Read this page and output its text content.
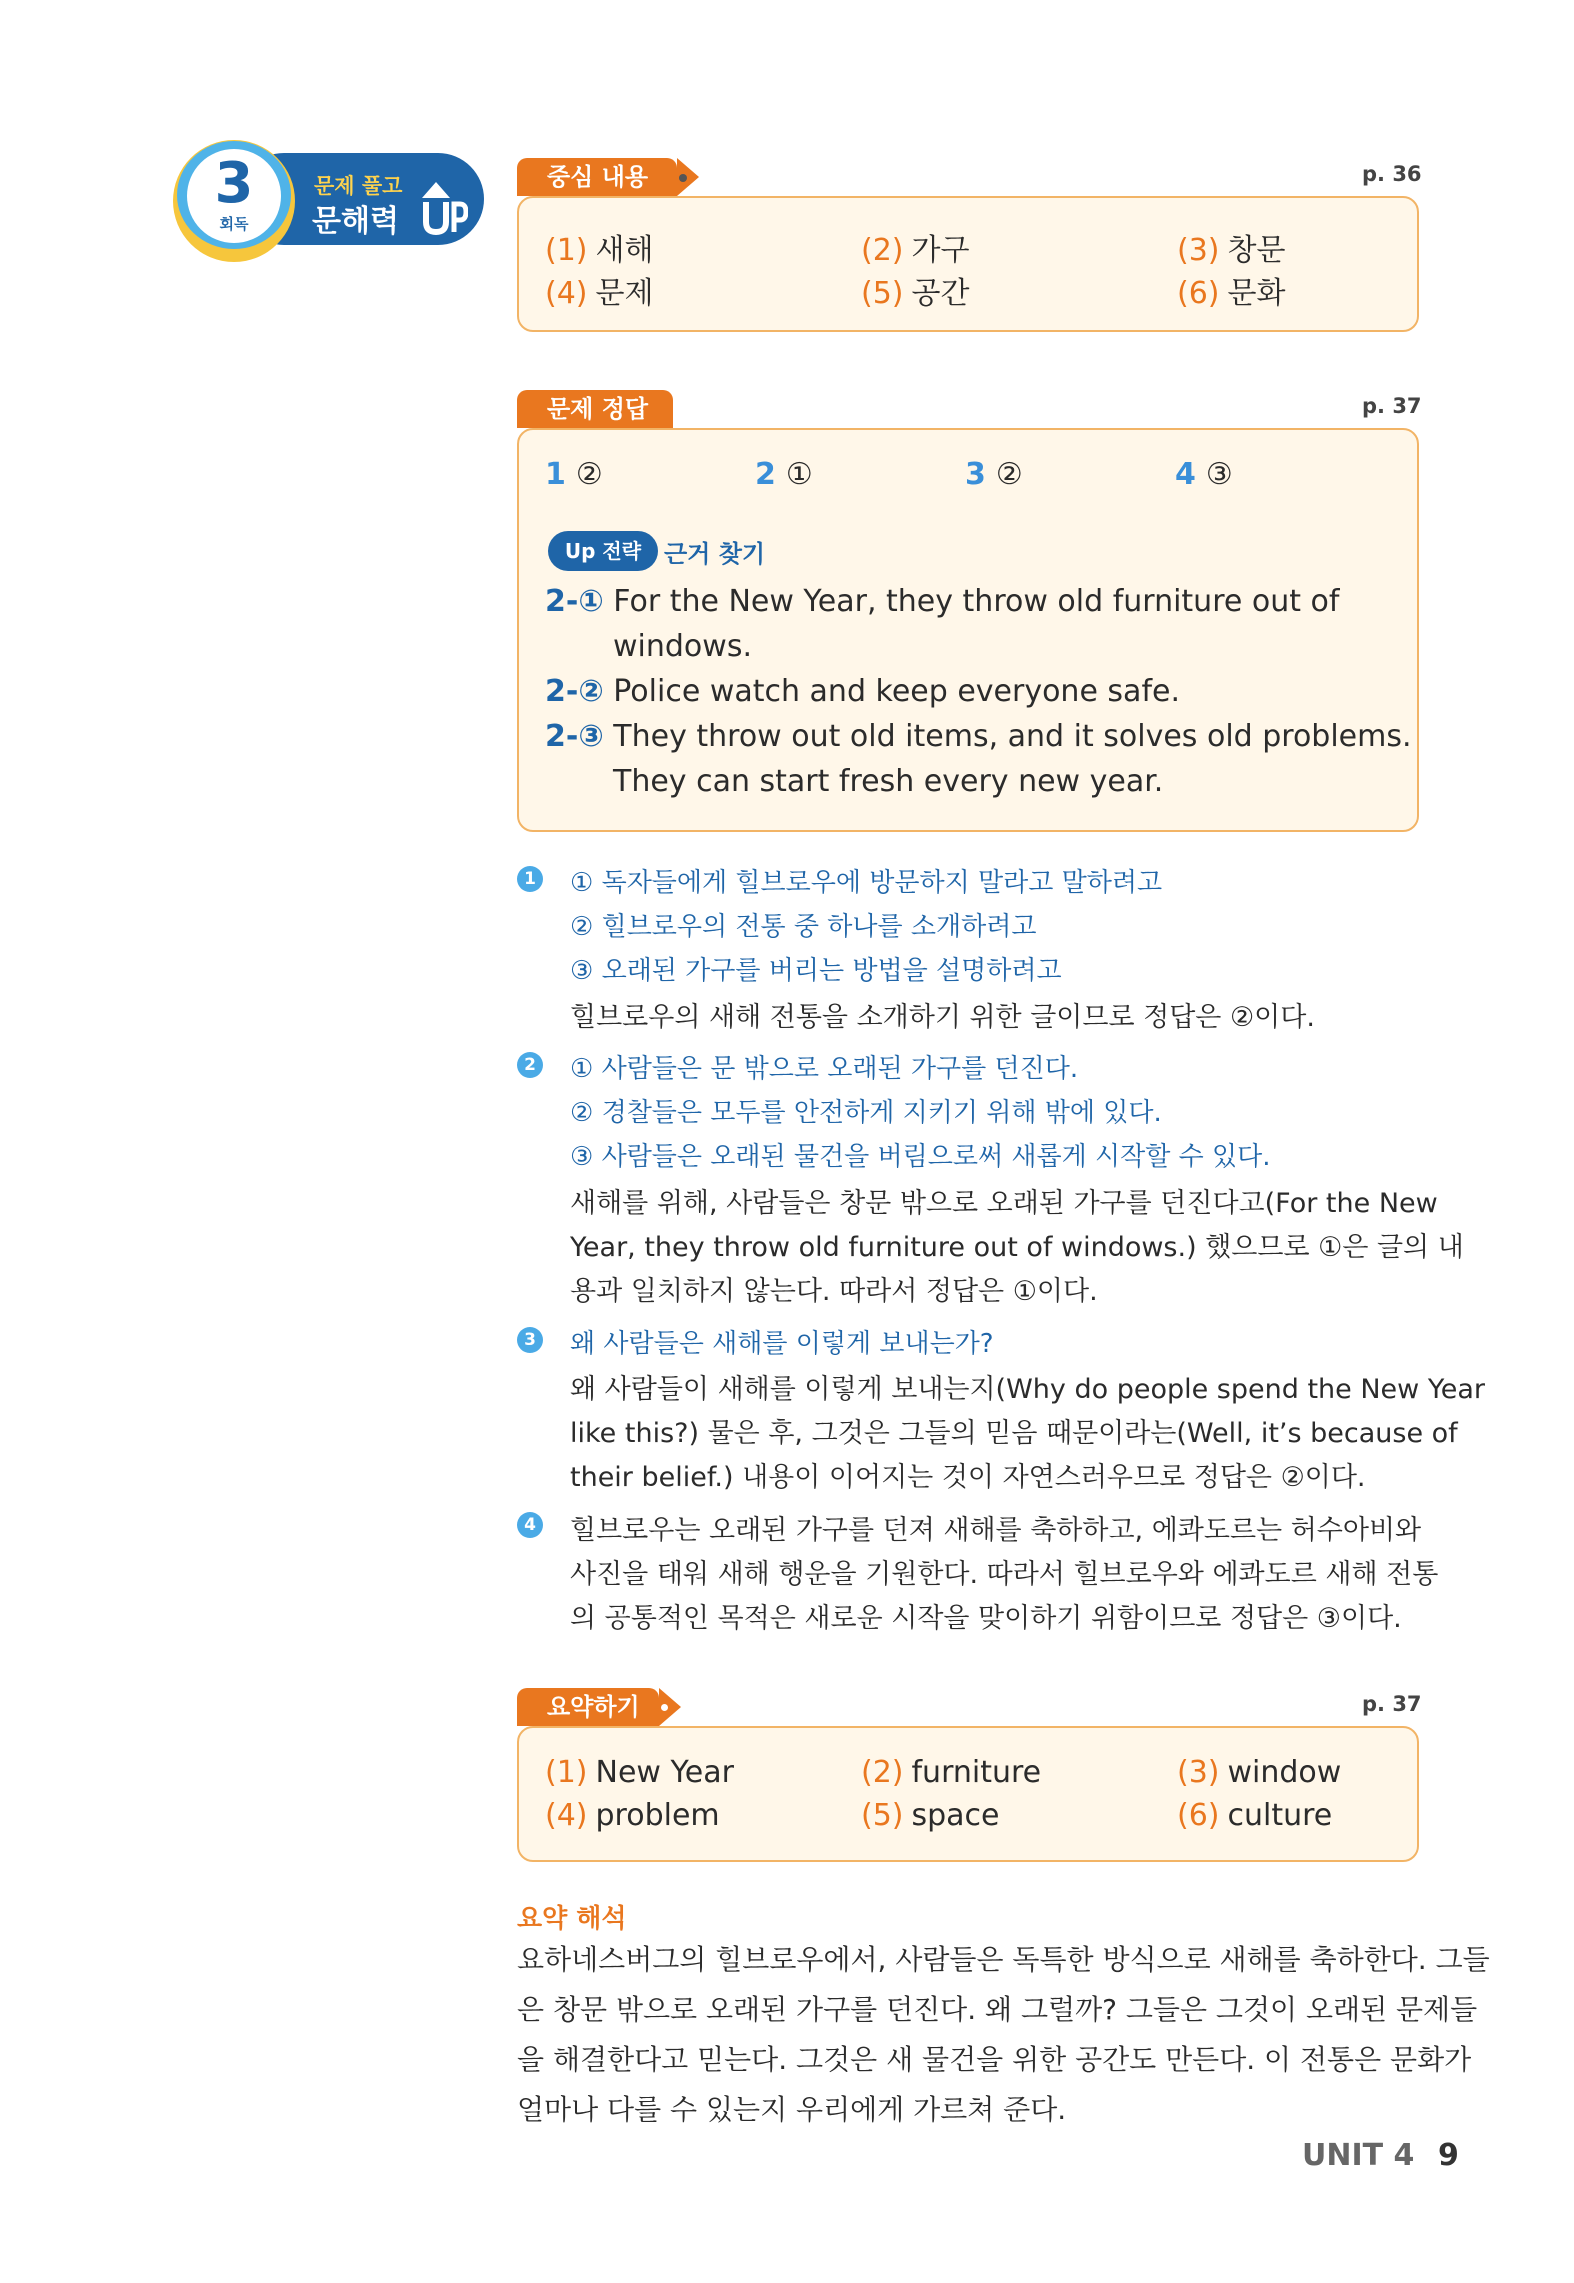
3
회독
문제 풀고
문해력
중심 내용	p. 36
(1) 새해	(2) 가구	(3) 창문
(4) 문제	(5) 공간	(6) 문화
문제 정답	p. 37
1 ②	2 ①	3 ②	4 ③
Up 전략 근거 찾기
2-① For the New Year, they throw old furniture out of
windows.
2-② Police watch and keep everyone safe.
2-③ They throw out old items, and it solves old problems.
They can start fresh every new year.
1 ① 독자들에게 힐브로우에 방문하지 말라고 말하려고
② 힐브로우의 전통 중 하나를 소개하려고
③ 오래된 가구를 버리는 방법을 설명하려고
힐브로우의 새해 전통을 소개하기 위한 글이므로 정답은 ②이다.
2 ① 사람들은 문 밖으로 오래된 가구를 던진다.
② 경찰들은 모두를 안전하게 지키기 위해 밖에 있다.
③ 사람들은 오래된 물건을 버림으로써 새롭게 시작할 수 있다.
새해를 위해, 사람들은 창문 밖으로 오래된 가구를 던진다고(For the New
Year, they throw old furniture out of windows.) 했으므로 ①은 글의 내
용과 일치하지 않는다. 따라서 정답은 ①이다.
3 왜 사람들은 새해를 이렇게 보내는가?
왜 사람들이 새해를 이렇게 보내는지(Why do people spend the New Year
like this?) 물은 후, 그것은 그들의 믿음 때문이라는(Well, it’s because of
their belief.) 내용이 이어지는 것이 자연스러우므로 정답은 ②이다.
4 힐브로우는 오래된 가구를 던져 새해를 축하하고, 에콰도르는 허수아비와
사진을 태워 새해 행운을 기원한다. 따라서 힐브로우와 에콰도르 새해 전통
의 공통적인 목적은 새로운 시작을 맞이하기 위함이므로 정답은 ③이다.
요약하기	p. 37
(1) New Year	(2) furniture	(3) window
(4) problem	(5) space	(6) culture
요약 해석
요하네스버그의 힐브로우에서, 사람들은 독특한 방식으로 새해를 축하한다. 그들
은 창문 밖으로 오래된 가구를 던진다. 왜 그럴까? 그들은 그것이 오래된 문제들
을 해결한다고 믿는다. 그것은 새 물건을 위한 공간도 만든다. 이 전통은 문화가
얼마나 다를 수 있는지 우리에게 가르쳐 준다.
UNIT 4 9
